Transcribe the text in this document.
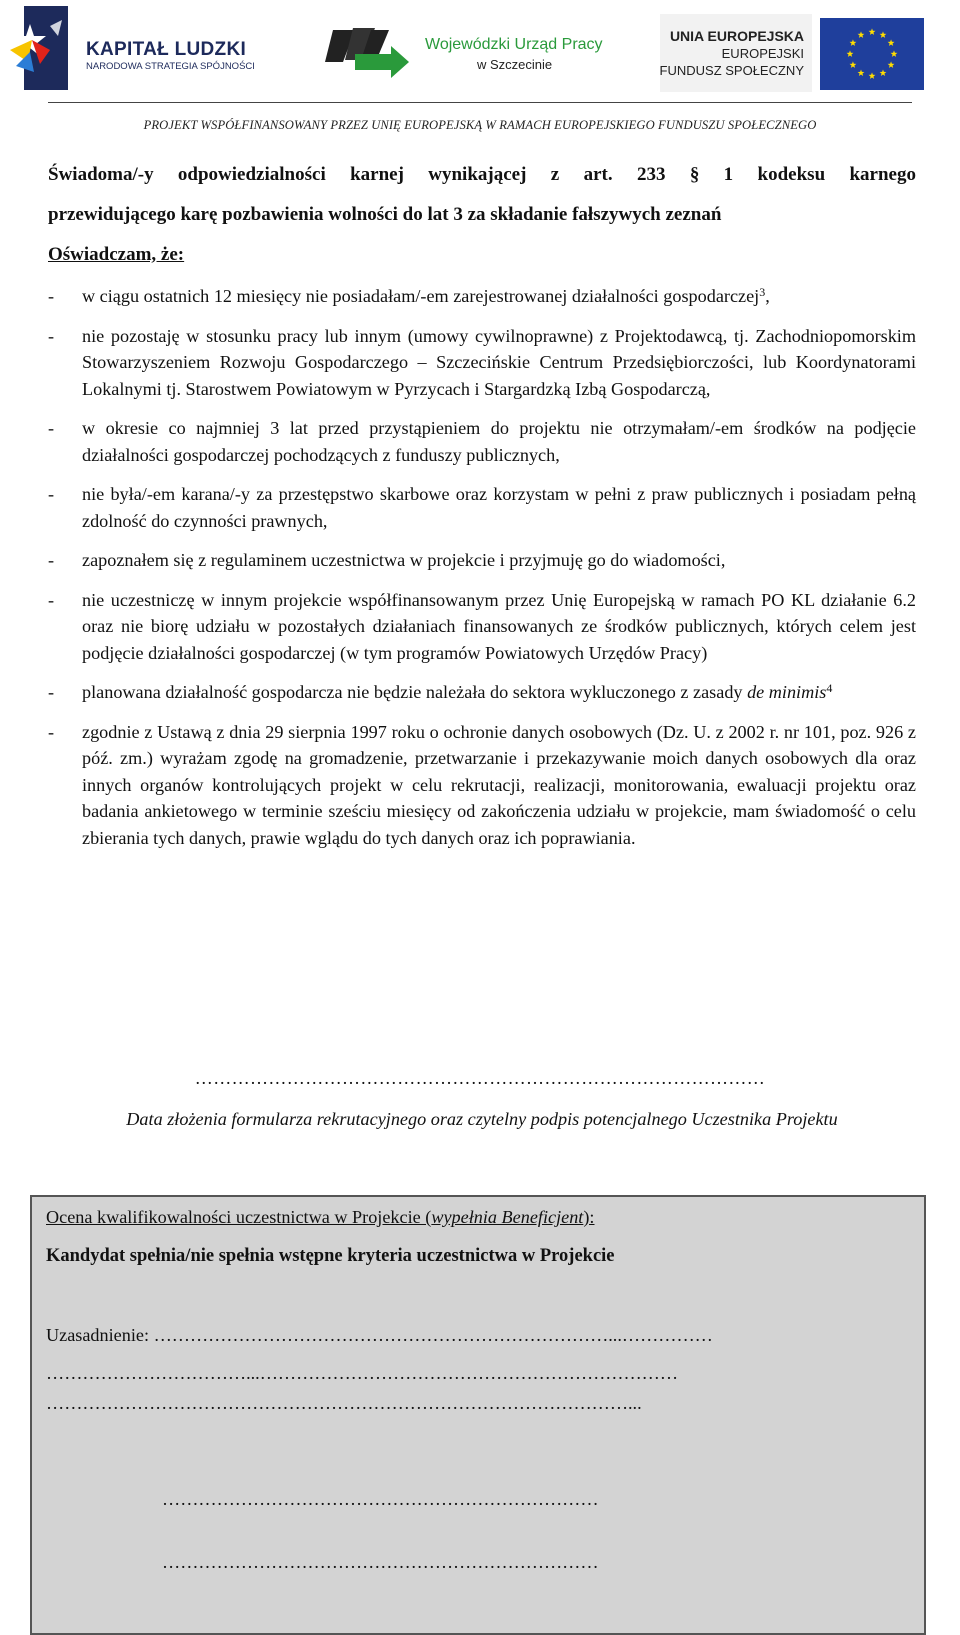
KAPITAŁ LUDZKI
NARODOWA STRATEGIA SPÓJNOŚCI
Wojewódzki Urząd Pracy
w Szczecinie
UNIA EUROPEJSKA
EUROPEJSKI
FUNDUSZ SPOŁECZNY
PROJEKT WSPÓŁFINANSOWANY PRZEZ UNIĘ EUROPEJSKĄ W RAMACH EUROPEJSKIEGO FUNDUSZU SPOŁECZNEGO
Świadoma/-y odpowiedzialności karnej wynikającej z art. 233 § 1 kodeksu karnego
przewidującego karę pozbawienia wolności do lat 3 za składanie fałszywych zeznań
Oświadczam, że:
- w ciągu ostatnich 12 miesięcy nie posiadałam/-em zarejestrowanej działalności gospodarczej$^3$,
- nie pozostaję w stosunku pracy lub innym (umowy cywilnoprawne) z Projektodawcą, tj. Zachodniopomorskim Stowarzyszeniem Rozwoju Gospodarczego – Szczecińskie Centrum Przedsiębiorczości, lub Koordynatorami Lokalnymi tj. Starostwem Powiatowym w Pyrzycach i Stargardzką Izbą Gospodarczą,
- w okresie co najmniej 3 lat przed przystąpieniem do projektu nie otrzymałam/-em środków na podjęcie działalności gospodarczej pochodzących z funduszy publicznych,
- nie była/-em karana/-y za przestępstwo skarbowe oraz korzystam w pełni z praw publicznych i posiadam pełną zdolność do czynności prawnych,
- zapoznałem się z regulaminem uczestnictwa w projekcie i przyjmuję go do wiadomości,
- nie uczestniczę w innym projekcie współfinansowanym przez Unię Europejską w ramach PO KL działanie 6.2 oraz nie biorę udziału w pozostałych działaniach finansowanych ze środków publicznych, których celem jest podjęcie działalności gospodarczej (w tym programów Powiatowych Urzędów Pracy)
- planowana działalność gospodarcza nie będzie należała do sektora wykluczonego z zasady de minimis$^4$
- zgodnie z Ustawą z dnia 29 sierpnia 1997 roku o ochronie danych osobowych (Dz. U. z 2002 r. nr 101, poz. 926 z póź. zm.) wyrażam zgodę na gromadzenie, przetwarzanie i przekazywanie moich danych osobowych dla oraz innych organów kontrolujących projekt w celu rekrutacji, realizacji, monitorowania, ewaluacji projektu oraz badania ankietowego w terminie sześciu miesięcy od zakończenia udziału w projekcie, mam świadomość o celu zbierania tych danych, prawie wglądu do tych danych oraz ich poprawiania.
…………………………………………………………………………………
Data złożenia formularza rekrutacyjnego oraz czytelny podpis potencjalnego Uczestnika Projektu
Ocena kwalifikowalności uczestnictwa w Projekcie (wypełnia Beneficjent):
Kandydat spełnia/nie spełnia wstępne kryteria uczestnictwa w Projekcie
Uzasadnienie: …………………………………………………………………...……………
……………………………...……………………………………………………………
……………………………………………………………………………………...
………………………………………………………………
………………………………………………………………
